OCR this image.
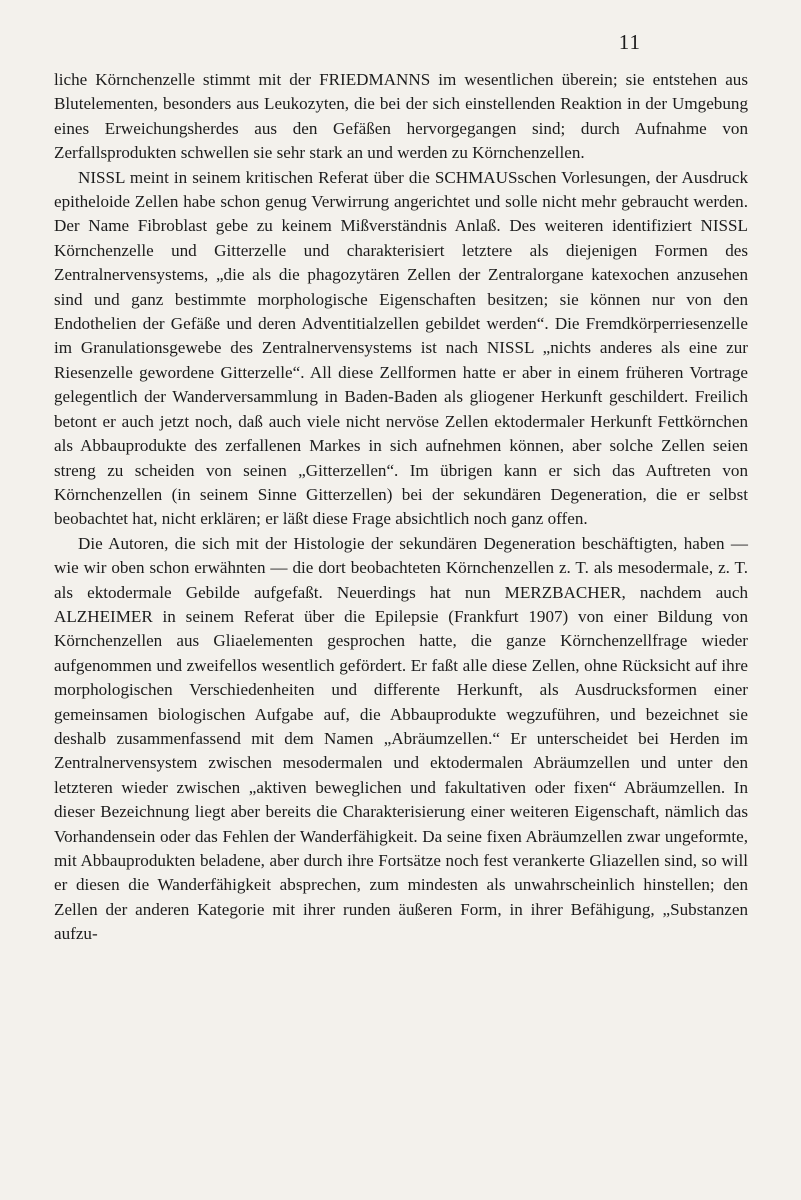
11

liche Körnchenzelle stimmt mit der FRIEDMANNS im wesentlichen überein; sie entstehen aus Blutelementen, besonders aus Leukozyten, die bei der sich einstellenden Reaktion in der Umgebung eines Erweichungsherdes aus den Gefäßen hervorgegangen sind; durch Aufnahme von Zerfallsprodukten schwellen sie sehr stark an und werden zu Körnchenzellen.

NISSL meint in seinem kritischen Referat über die SCHMAUSschen Vorlesungen, der Ausdruck epitheloide Zellen habe schon genug Verwirrung angerichtet und solle nicht mehr gebraucht werden. Der Name Fibroblast gebe zu keinem Mißverständnis Anlaß. Des weiteren identifiziert NISSL Körnchenzelle und Gitterzelle und charakterisiert letztere als diejenigen Formen des Zentralnervensystems, „die als die phagozytären Zellen der Zentralorgane katexochen anzusehen sind und ganz bestimmte morphologische Eigenschaften besitzen; sie können nur von den Endothelien der Gefäße und deren Adventitialzellen gebildet werden“. Die Fremdkörperriesenzelle im Granulationsgewebe des Zentralnervensystems ist nach NISSL „nichts anderes als eine zur Riesenzelle gewordene Gitterzelle“. All diese Zellformen hatte er aber in einem früheren Vortrage gelegentlich der Wanderversammlung in Baden-Baden als gliogener Herkunft geschildert. Freilich betont er auch jetzt noch, daß auch viele nicht nervöse Zellen ektodermaler Herkunft Fettkörnchen als Abbauprodukte des zerfallenen Markes in sich aufnehmen können, aber solche Zellen seien streng zu scheiden von seinen „Gitterzellen“. Im übrigen kann er sich das Auftreten von Körnchenzellen (in seinem Sinne Gitterzellen) bei der sekundären Degeneration, die er selbst beobachtet hat, nicht erklären; er läßt diese Frage absichtlich noch ganz offen.

Die Autoren, die sich mit der Histologie der sekundären Degeneration beschäftigten, haben — wie wir oben schon erwähnten — die dort beobachteten Körnchenzellen z. T. als mesodermale, z. T. als ektodermale Gebilde aufgefaßt. Neuerdings hat nun MERZBACHER, nachdem auch ALZHEIMER in seinem Referat über die Epilepsie (Frankfurt 1907) von einer Bildung von Körnchenzellen aus Gliaelementen gesprochen hatte, die ganze Körnchenzellfrage wieder aufgenommen und zweifellos wesentlich gefördert. Er faßt alle diese Zellen, ohne Rücksicht auf ihre morphologischen Verschiedenheiten und differente Herkunft, als Ausdrucksformen einer gemeinsamen biologischen Aufgabe auf, die Abbauprodukte wegzuführen, und bezeichnet sie deshalb zusammenfassend mit dem Namen „Abräumzellen.“ Er unterscheidet bei Herden im Zentralnervensystem zwischen mesodermalen und ektodermalen Abräumzellen und unter den letzteren wieder zwischen „aktiven beweglichen und fakultativen oder fixen“ Abräumzellen. In dieser Bezeichnung liegt aber bereits die Charakterisierung einer weiteren Eigenschaft, nämlich das Vorhandensein oder das Fehlen der Wanderfähigkeit. Da seine fixen Abräumzellen zwar ungeformte, mit Abbauprodukten beladene, aber durch ihre Fortsätze noch fest verankerte Gliazellen sind, so will er diesen die Wanderfähigkeit absprechen, zum mindesten als unwahrscheinlich hinstellen; den Zellen der anderen Kategorie mit ihrer runden äußeren Form, in ihrer Befähigung, „Substanzen aufzu-
